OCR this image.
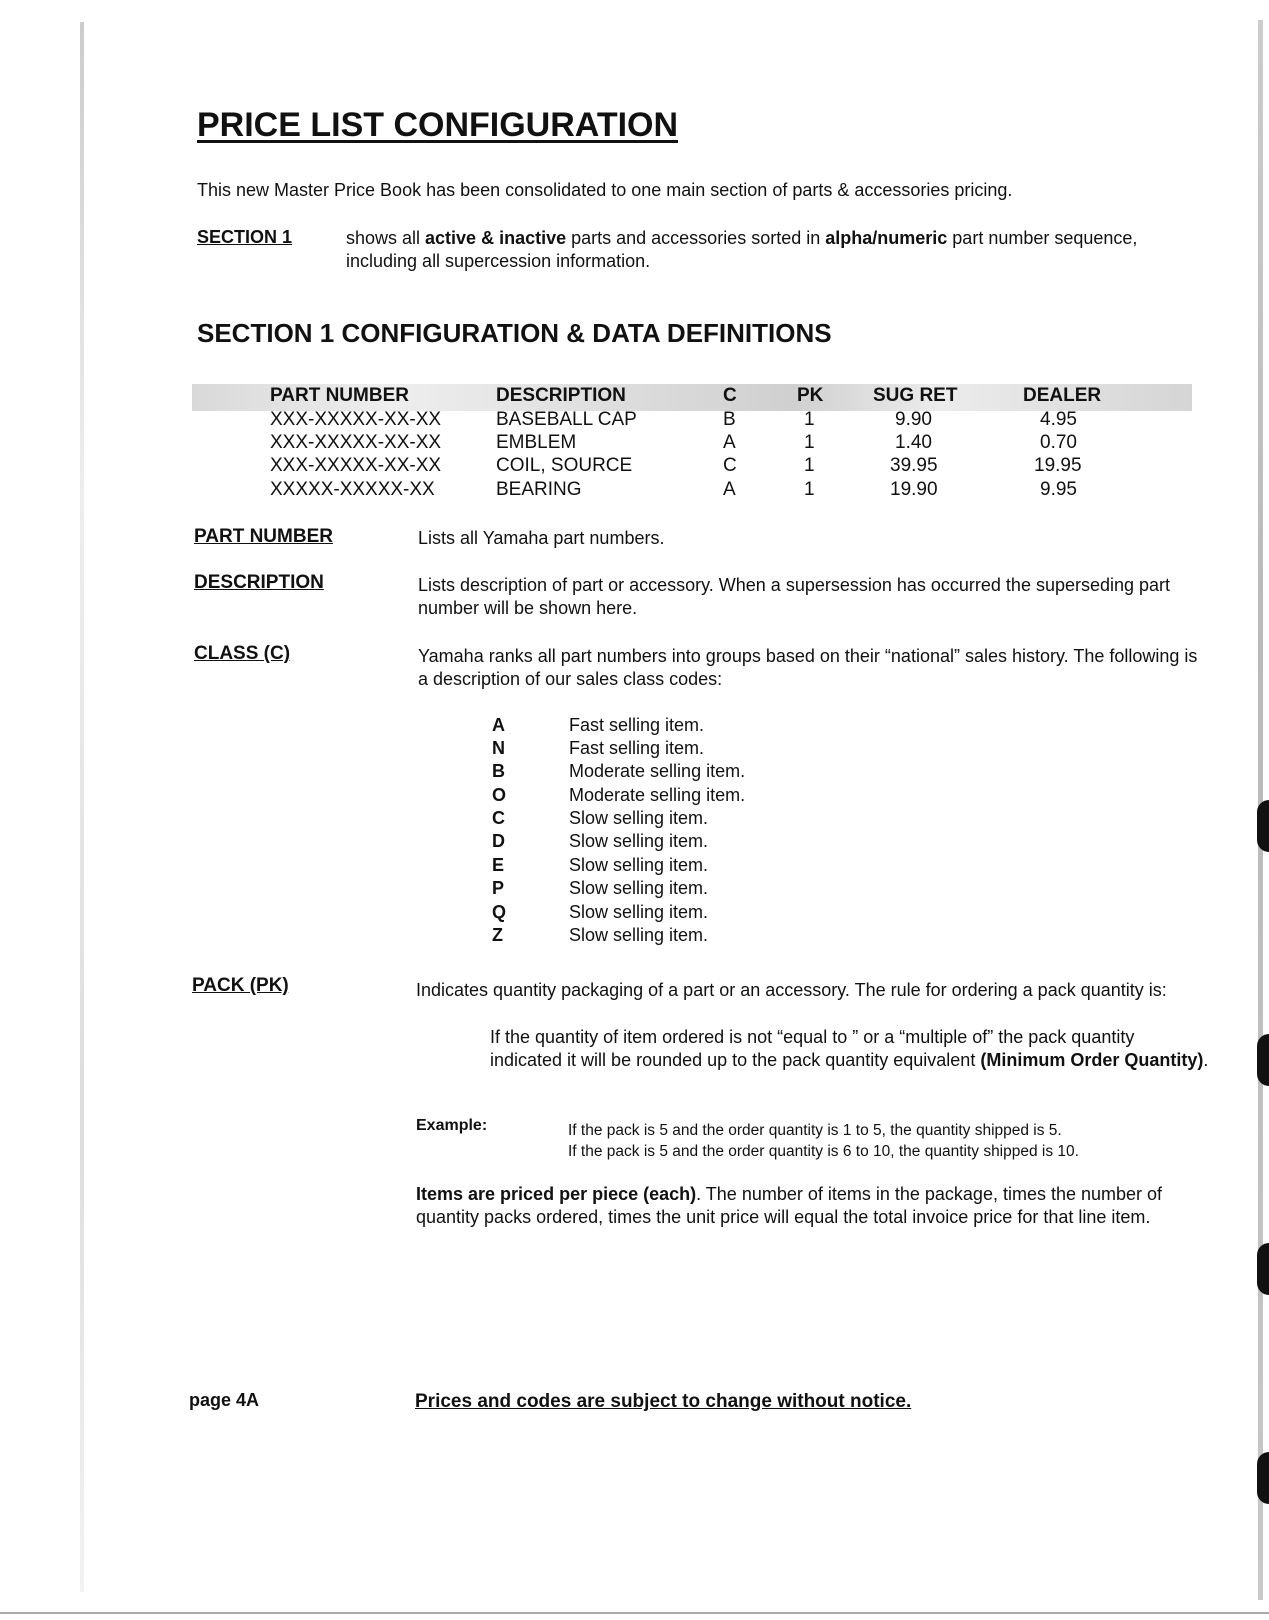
PRICE LIST CONFIGURATION
This new Master Price Book has been consolidated to one main section of parts & accessories pricing.
SECTION 1	shows all active & inactive parts and accessories sorted in alpha/numeric part number sequence, including all supercession information.
SECTION 1 CONFIGURATION & DATA DEFINITIONS
PART NUMBER	DESCRIPTION	C	PK	SUG RET	DEALER
XXX-XXXXX-XX-XX	BASEBALL CAP	B	1	9.90	4.95
XXX-XXXXX-XX-XX	EMBLEM	A	1	1.40	0.70
XXX-XXXXX-XX-XX	COIL, SOURCE	C	1	39.95	19.95
XXXXX-XXXXX-XX	BEARING	A	1	19.90	9.95
PART NUMBER	Lists all Yamaha part numbers.
DESCRIPTION	Lists description of part or accessory. When a supersession has occurred the superseding part number will be shown here.
CLASS (C)	Yamaha ranks all part numbers into groups based on their “national” sales history. The following is a description of our sales class codes:
A	Fast selling item.
N	Fast selling item.
B	Moderate selling item.
O	Moderate selling item.
C	Slow selling item.
D	Slow selling item.
E	Slow selling item.
P	Slow selling item.
Q	Slow selling item.
Z	Slow selling item.
PACK (PK)	Indicates quantity packaging of a part or an accessory. The rule for ordering a pack quantity is:
If the quantity of item ordered is not “equal to ” or a “multiple of” the pack quantity indicated it will be rounded up to the pack quantity equivalent (Minimum Order Quantity).
Example:	If the pack is 5 and the order quantity is 1 to 5, the quantity shipped is 5.
If the pack is 5 and the order quantity is 6 to 10, the quantity shipped is 10.
Items are priced per piece (each). The number of items in the package, times the number of quantity packs ordered, times the unit price will equal the total invoice price for that line item.
page 4A	Prices and codes are subject to change without notice.
